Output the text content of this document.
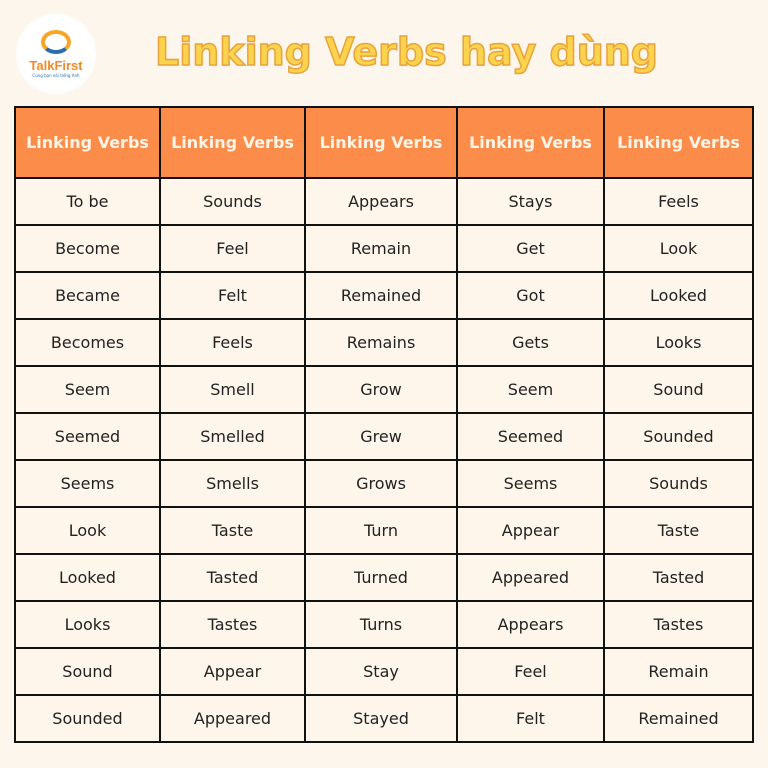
TalkFirst
Cùng bạn nói tiếng Anh
Linking Verbs hay dùng
Linking Verbs	Linking Verbs	Linking Verbs	Linking Verbs	Linking Verbs
To be	Sounds	Appears	Stays	Feels
Become	Feel	Remain	Get	Look
Became	Felt	Remained	Got	Looked
Becomes	Feels	Remains	Gets	Looks
Seem	Smell	Grow	Seem	Sound
Seemed	Smelled	Grew	Seemed	Sounded
Seems	Smells	Grows	Seems	Sounds
Look	Taste	Turn	Appear	Taste
Looked	Tasted	Turned	Appeared	Tasted
Looks	Tastes	Turns	Appears	Tastes
Sound	Appear	Stay	Feel	Remain
Sounded	Appeared	Stayed	Felt	Remained
